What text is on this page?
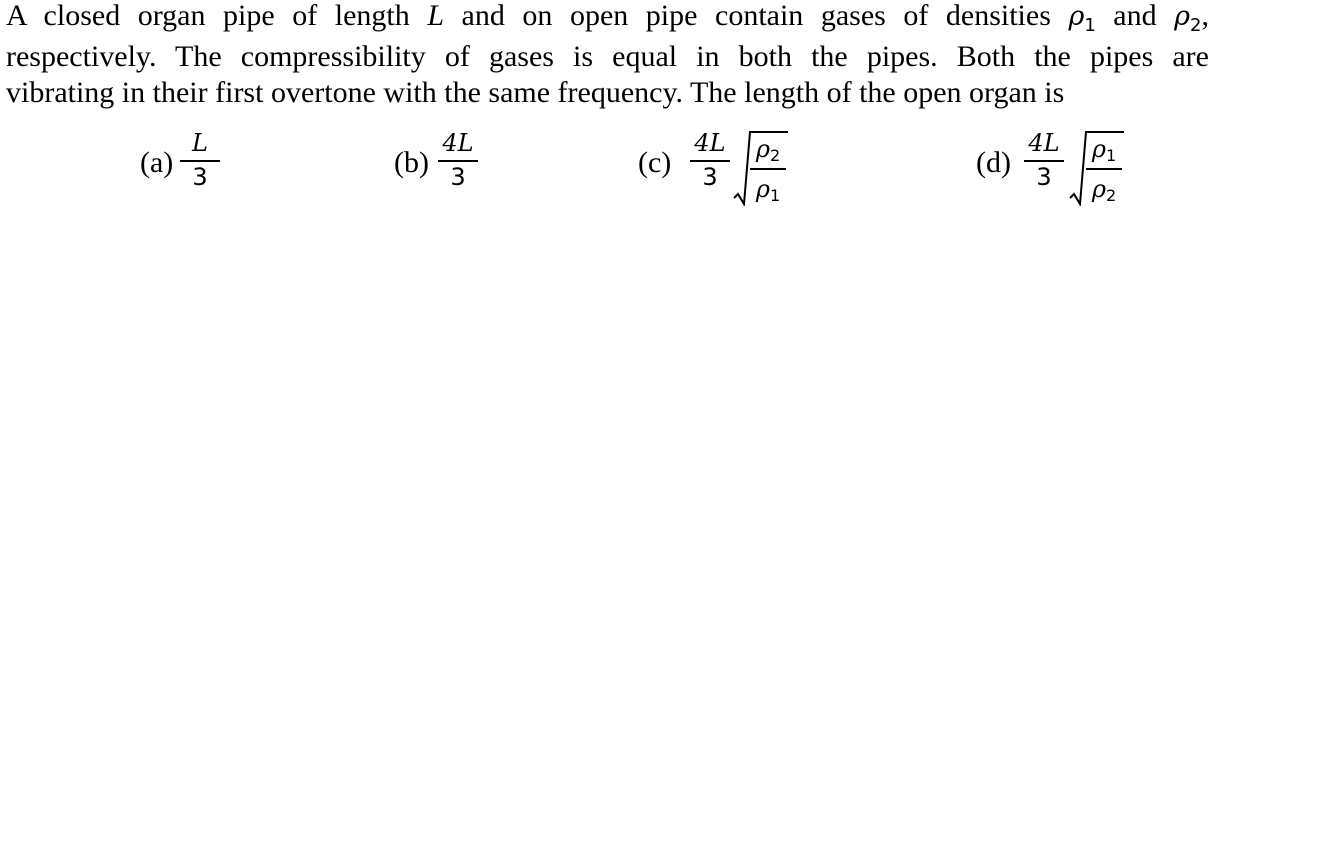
A closed organ pipe of length L and on open pipe contain gases of densities $\rho_1$ and $\rho_2$,
respectively. The compressibility of gases is equal in both the pipes. Both the pipes are
vibrating in their first overtone with the same frequency. The length of the open organ is
(a)
L
3	(b)
4L
3	(c)
4L
3
ρ2
ρ1
(d)
4L
3
ρ1
ρ2
